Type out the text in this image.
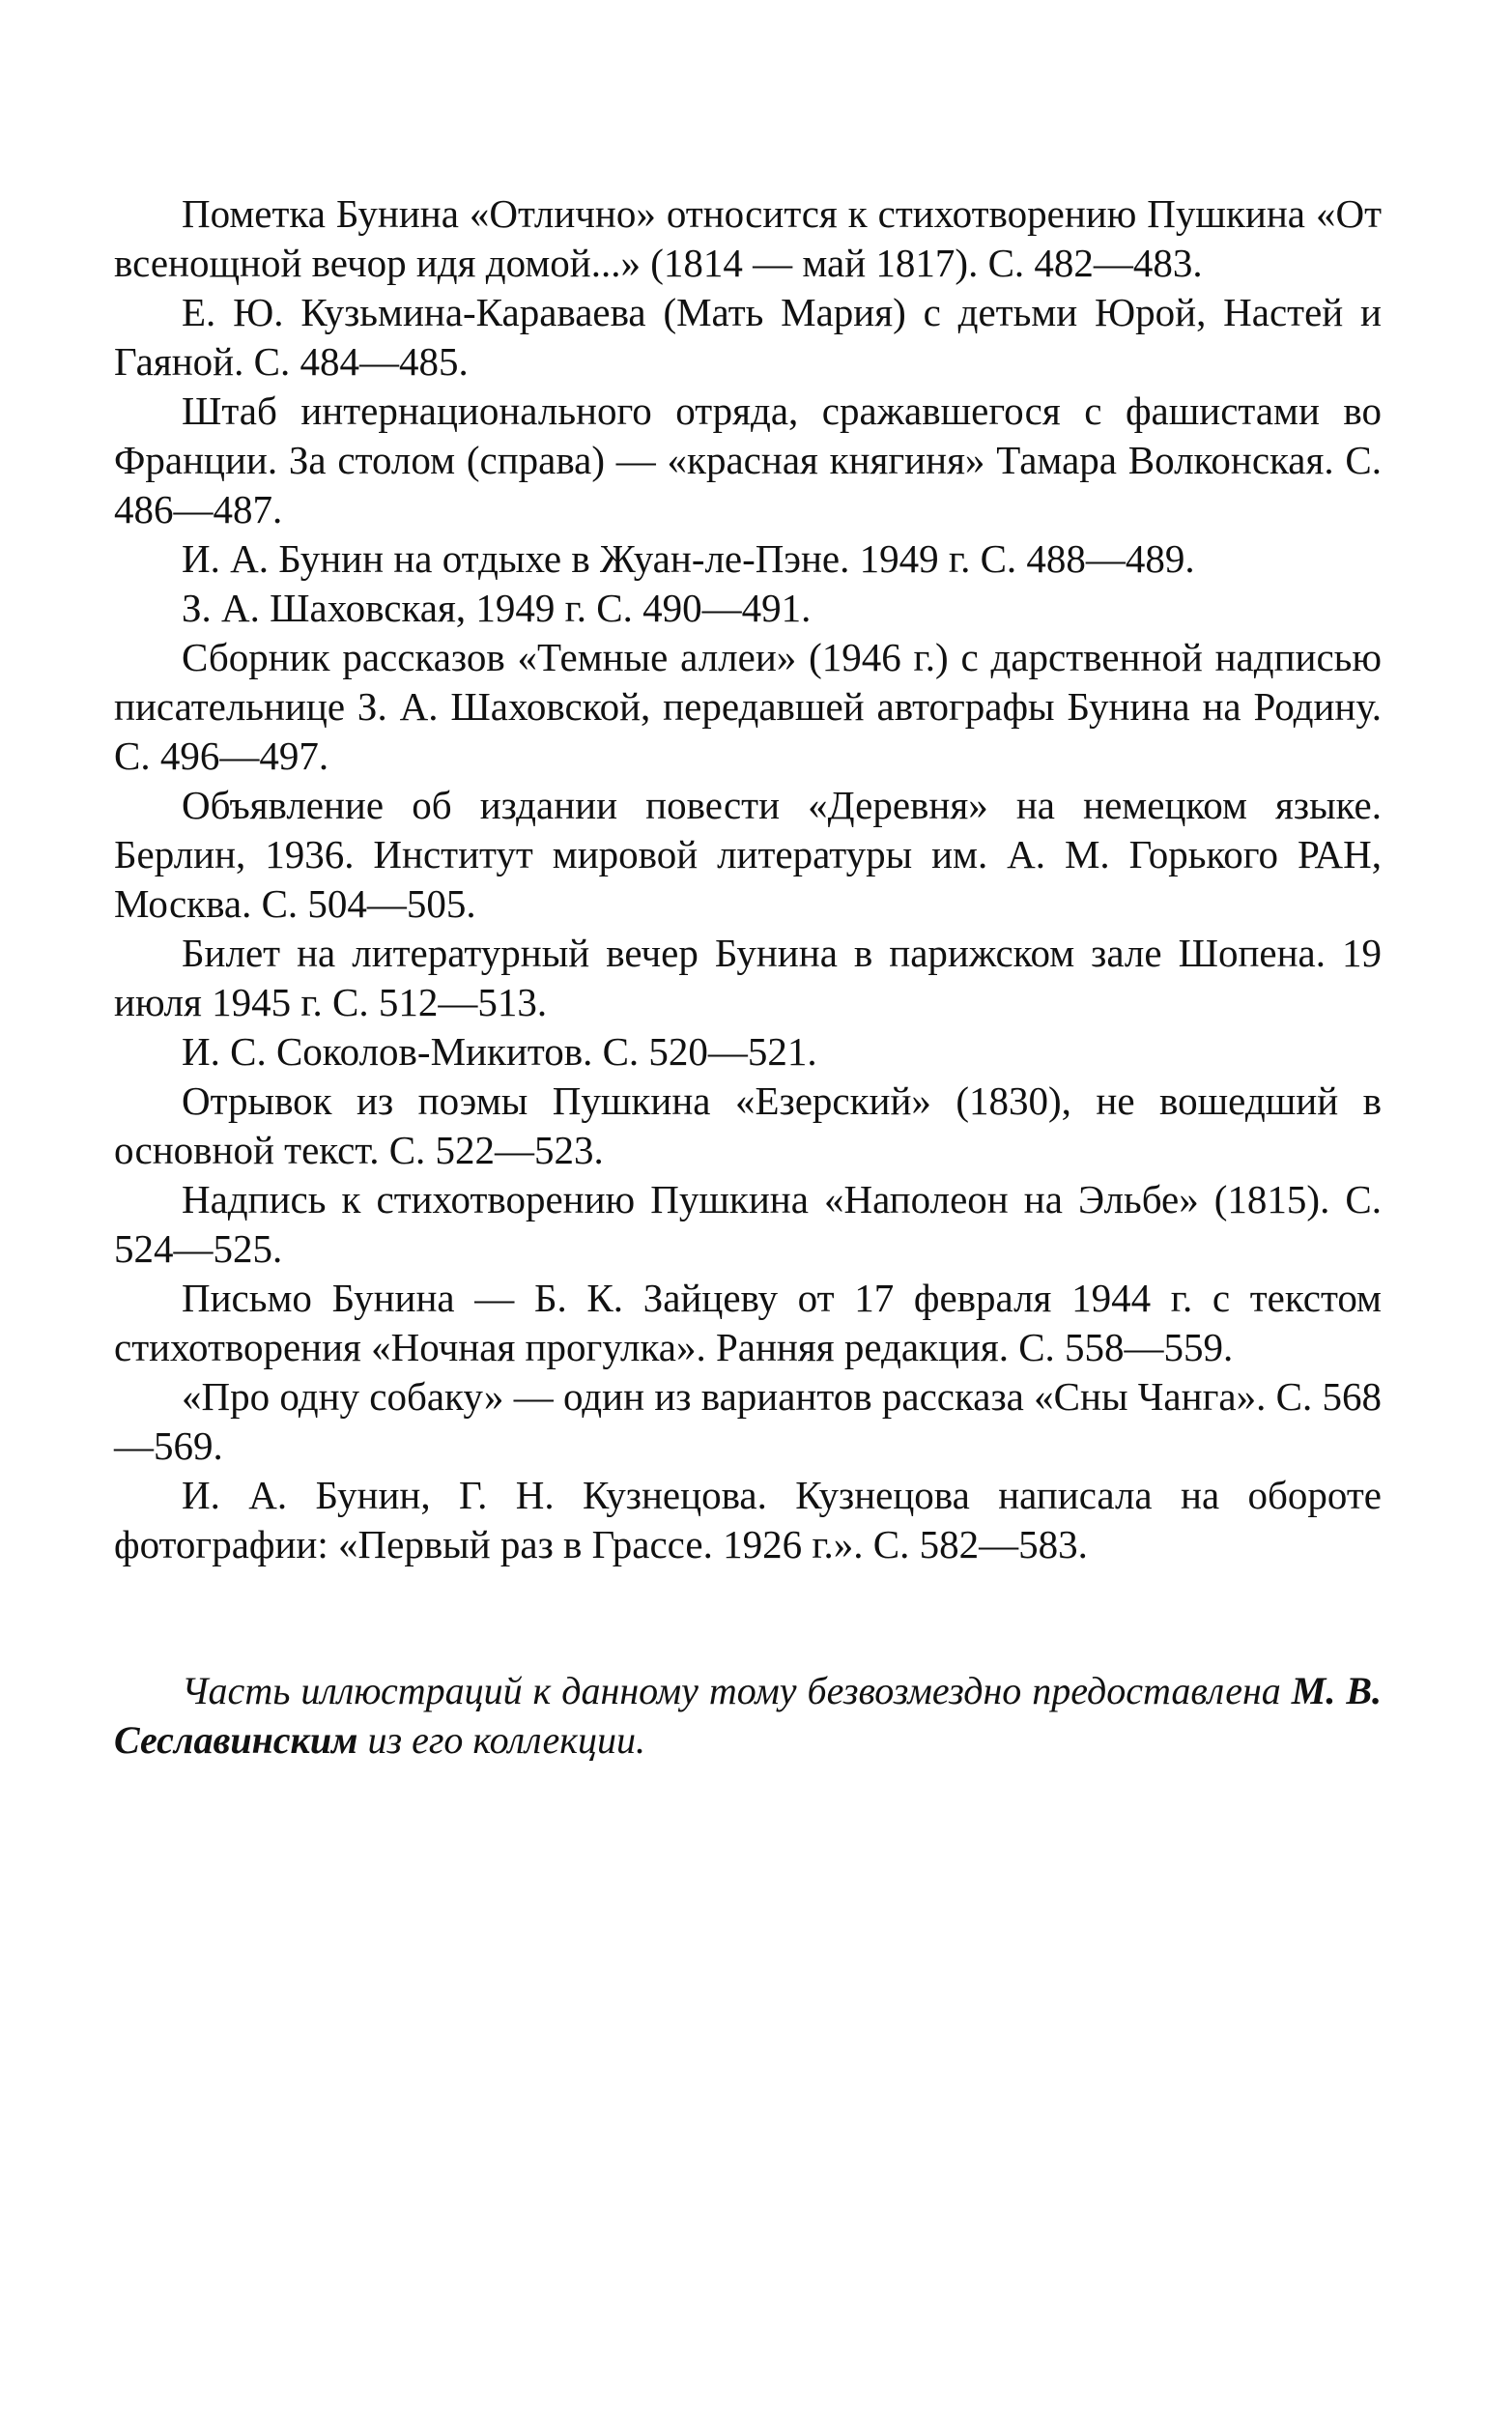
Пометка Бунина «Отлично» относится к стихотворению Пушкина «От всенощной вечор идя домой...» (1814 — май 1817). С. 482—483.

Е. Ю. Кузьмина-Караваева (Мать Мария) с детьми Юрой, Настей и Гаяной. С. 484—485.

Штаб интернационального отряда, сражавшегося с фашистами во Франции. За столом (справа) — «красная княгиня» Тамара Волконская. С. 486—487.

И. А. Бунин на отдыхе в Жуан-ле-Пэне. 1949 г. С. 488—489.

З. А. Шаховская, 1949 г. С. 490—491.

Сборник рассказов «Темные аллеи» (1946 г.) с дарственной надписью писательнице З. А. Шаховской, передавшей автографы Бунина на Родину. С. 496—497.

Объявление об издании повести «Деревня» на немецком языке. Берлин, 1936. Институт мировой литературы им. А. М. Горького РАН, Москва. С. 504—505.

Билет на литературный вечер Бунина в парижском зале Шопена. 19 июля 1945 г. С. 512—513.

И. С. Соколов-Микитов. С. 520—521.

Отрывок из поэмы Пушкина «Езерский» (1830), не вошедший в основной текст. С. 522—523.

Надпись к стихотворению Пушкина «Наполеон на Эльбе» (1815). С. 524—525.

Письмо Бунина — Б. К. Зайцеву от 17 февраля 1944 г. с текстом стихотворения «Ночная прогулка». Ранняя редакция. С. 558—559.

«Про одну собаку» — один из вариантов рассказа «Сны Чанга». С. 568—569.

И. А. Бунин, Г. Н. Кузнецова. Кузнецова написала на обороте фотографии: «Первый раз в Грассе. 1926 г.». С. 582—583.

Часть иллюстраций к данному тому безвозмездно предоставлена М. В. Сеславинским из его коллекции.
